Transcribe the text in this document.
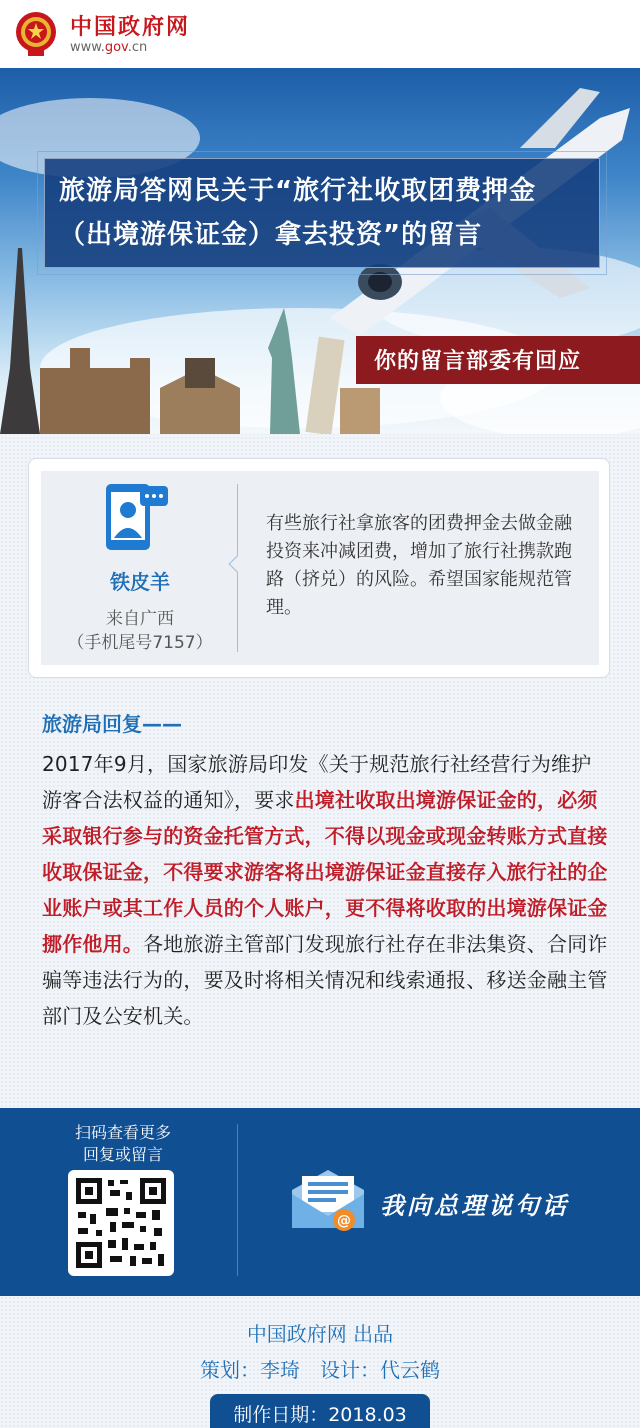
中国政府网
www.gov.cn
旅游局答网民关于“旅行社收取团费押金（出境游保证金）拿去投资”的留言
你的留言部委有回应
铁皮羊
来自广西
（手机尾号7157）
有些旅行社拿旅客的团费押金去做金融投资来冲减团费，增加了旅行社携款跑路（挤兑）的风险。希望国家能规范管理。
旅游局回复——
2017年9月，国家旅游局印发《关于规范旅行社经营行为维护游客合法权益的通知》，要求出境社收取出境游保证金的，必须采取银行参与的资金托管方式，不得以现金或现金转账方式直接收取保证金，不得要求游客将出境游保证金直接存入旅行社的企业账户或其工作人员的个人账户，更不得将收取的出境游保证金挪作他用。各地旅游主管部门发现旅行社存在非法集资、合同诈骗等违法行为的，要及时将相关情况和线索通报、移送金融主管部门及公安机关。
扫码查看更多
回复或留言
@
我向总理说句话
中国政府网 出品
策划：李琦　设计：代云鹤
制作日期：2018.03
